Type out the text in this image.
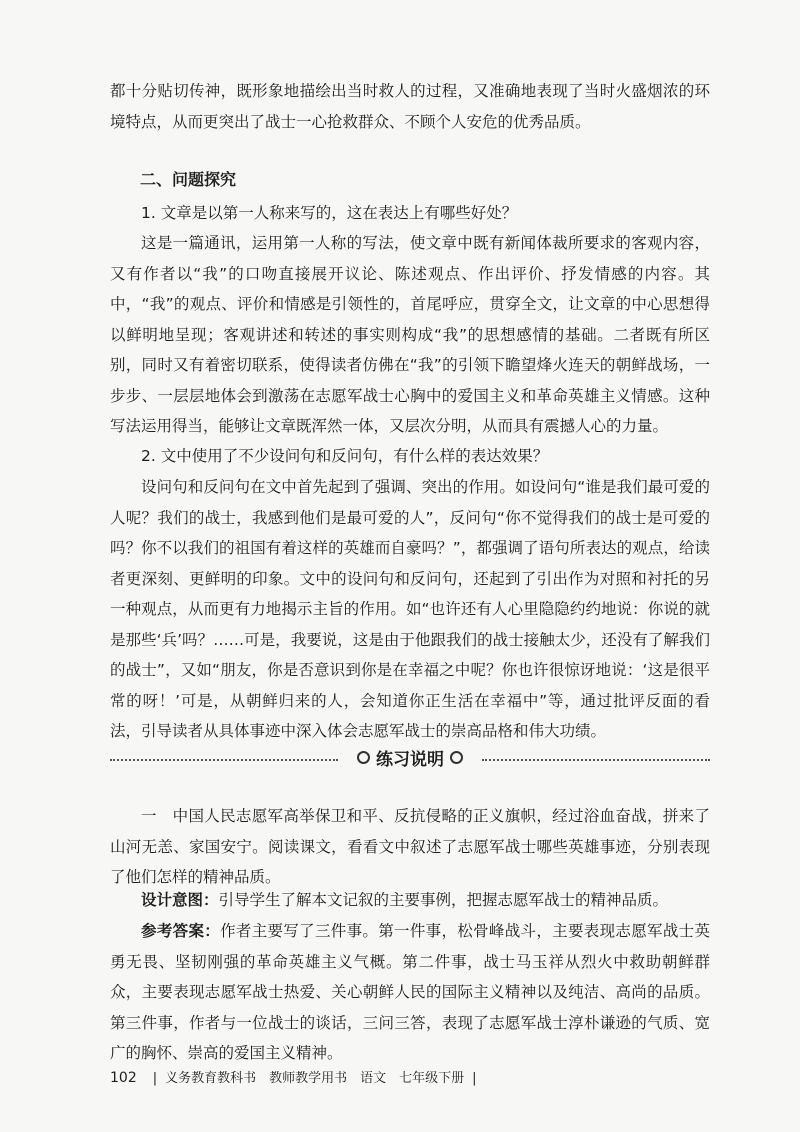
都十分贴切传神，既形象地描绘出当时救人的过程，又准确地表现了当时火盛烟浓的环境特点，从而更突出了战士一心抢救群众、不顾个人安危的优秀品质。

二、问题探究

1. 文章是以第一人称来写的，这在表达上有哪些好处？

这是一篇通讯，运用第一人称的写法，使文章中既有新闻体裁所要求的客观内容，又有作者以“我”的口吻直接展开议论、陈述观点、作出评价、抒发情感的内容。其中，“我”的观点、评价和情感是引领性的，首尾呼应，贯穿全文，让文章的中心思想得以鲜明地呈现；客观讲述和转述的事实则构成“我”的思想感情的基础。二者既有所区别，同时又有着密切联系，使得读者仿佛在“我”的引领下瞻望烽火连天的朝鲜战场，一步步、一层层地体会到激荡在志愿军战士心胸中的爱国主义和革命英雄主义情感。这种写法运用得当，能够让文章既浑然一体，又层次分明，从而具有震撼人心的力量。

2. 文中使用了不少设问句和反问句，有什么样的表达效果？

设问句和反问句在文中首先起到了强调、突出的作用。如设问句“谁是我们最可爱的人呢？我们的战士，我感到他们是最可爱的人”，反问句“你不觉得我们的战士是可爱的吗？你不以我们的祖国有着这样的英雄而自豪吗？”，都强调了语句所表达的观点，给读者更深刻、更鲜明的印象。文中的设问句和反问句，还起到了引出作为对照和衬托的另一种观点，从而更有力地揭示主旨的作用。如“也许还有人心里隐隐约约地说：你说的就是那些‘兵’吗？……可是，我要说，这是由于他跟我们的战士接触太少，还没有了解我们的战士”，又如“朋友，你是否意识到你是在幸福之中呢？你也许很惊讶地说：‘这是很平常的呀！’可是，从朝鲜归来的人，会知道你正生活在幸福中”等，通过批评反面的看法，引导读者从具体事迹中深入体会志愿军战士的崇高品格和伟大功绩。

练习说明

一　中国人民志愿军高举保卫和平、反抗侵略的正义旗帜，经过浴血奋战，拼来了山河无恙、家国安宁。阅读课文，看看文中叙述了志愿军战士哪些英雄事迹，分别表现了他们怎样的精神品质。

设计意图：引导学生了解本文记叙的主要事例，把握志愿军战士的精神品质。

参考答案：作者主要写了三件事。第一件事，松骨峰战斗，主要表现志愿军战士英勇无畏、坚韧刚强的革命英雄主义气概。第二件事，战士马玉祥从烈火中救助朝鲜群众，主要表现志愿军战士热爱、关心朝鲜人民的国际主义精神以及纯洁、高尚的品质。第三件事，作者与一位战士的谈话，三问三答，表现了志愿军战士淳朴谦逊的气质、宽广的胸怀、崇高的爱国主义精神。

102 | 义务教育教科书　教师教学用书　语文　七年级下册 |
